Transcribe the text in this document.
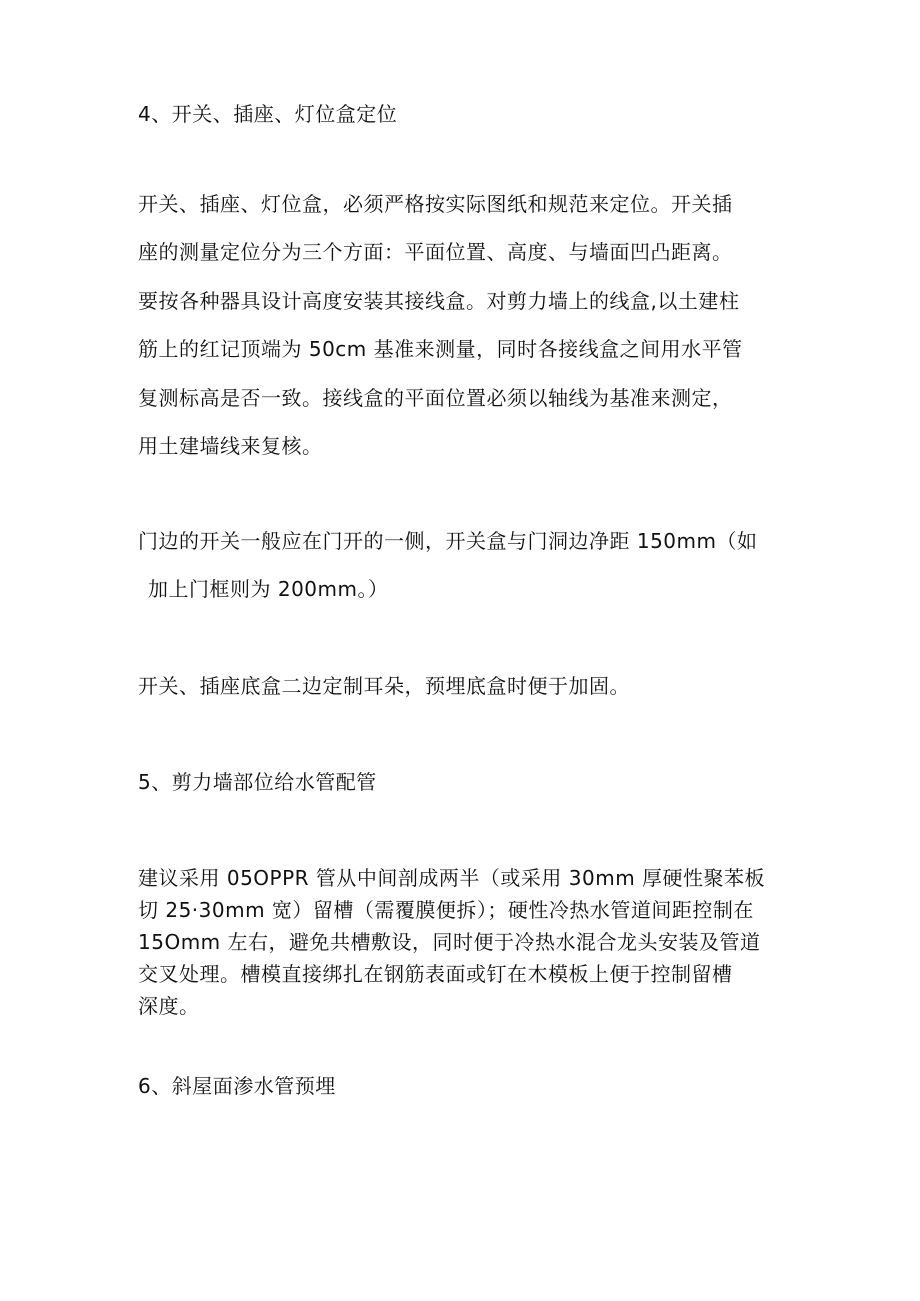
4、开关、插座、灯位盒定位
开关、插座、灯位盒，必须严格按实际图纸和规范来定位。开关插
座的测量定位分为三个方面：平面位置、高度、与墙面凹凸距离。
要按各种器具设计高度安装其接线盒。对剪力墙上的线盒,以土建柱
筋上的红记顶端为 50cm 基准来测量，同时各接线盒之间用水平管
复测标高是否一致。接线盒的平面位置必须以轴线为基准来测定，
用土建墙线来复核。
门边的开关一般应在门开的一侧，开关盒与门洞边净距 150mm（如
加上门框则为 200mm。）
开关、插座底盒二边定制耳朵，预埋底盒时便于加固。
5、剪力墙部位给水管配管
建议采用 05OPPR 管从中间剖成两半（或采用 30mm 厚硬性聚苯板
切 25·30mm 宽）留槽（需覆膜便拆）；硬性冷热水管道间距控制在
15Omm 左右，避免共槽敷设，同时便于冷热水混合龙头安装及管道
交叉处理。槽模直接绑扎在钢筋表面或钉在木模板上便于控制留槽
深度。
6、斜屋面渗水管预埋
